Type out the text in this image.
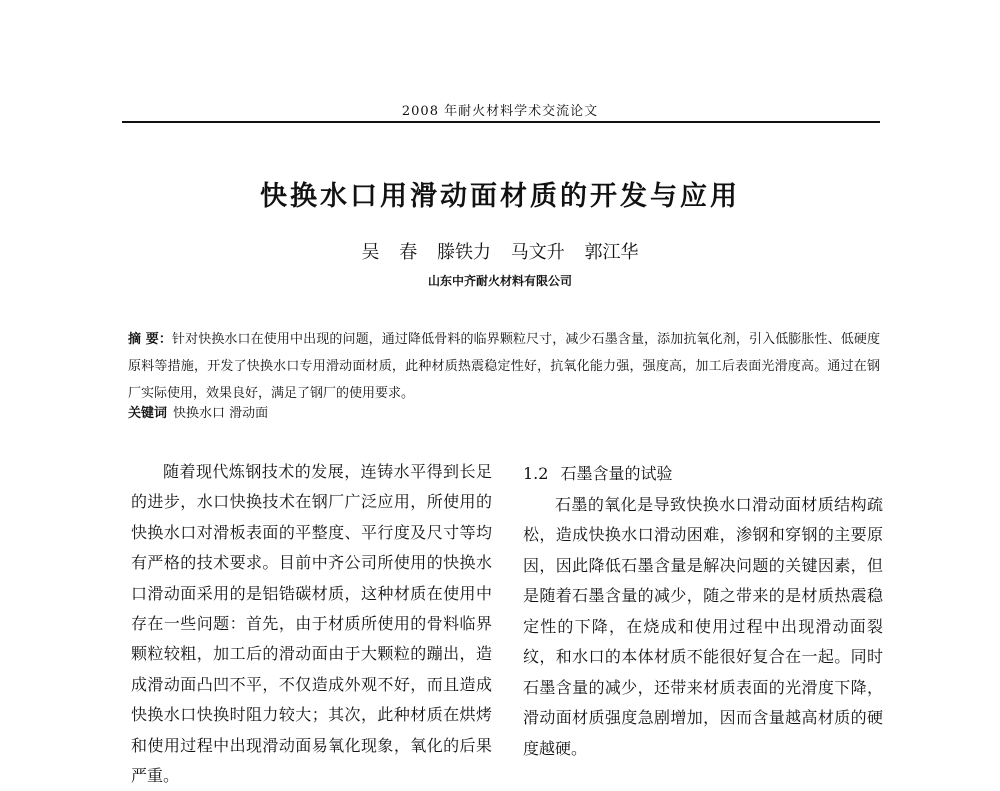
2008 年耐火材料学术交流论文
快换水口用滑动面材质的开发与应用
吴 春 滕铁力 马文升 郭江华
山东中齐耐火材料有限公司
摘 要：针对快换水口在使用中出现的问题，通过降低骨料的临界颗粒尺寸，减少石墨含量，添加抗氧化剂，引入低膨胀性、低硬度原料等措施，开发了快换水口专用滑动面材质，此种材质热震稳定性好，抗氧化能力强，强度高，加工后表面光滑度高。通过在钢厂实际使用，效果良好，满足了钢厂的使用要求。
关键词 快换水口 滑动面

随着现代炼钢技术的发展，连铸水平得到长足的进步，水口快换技术在钢厂广泛应用，所使用的快换水口对滑板表面的平整度、平行度及尺寸等均有严格的技术要求。目前中齐公司所使用的快换水口滑动面采用的是铝锆碳材质，这种材质在使用中存在一些问题：首先，由于材质所使用的骨料临界颗粒较粗，加工后的滑动面由于大颗粒的蹦出，造成滑动面凸凹不平，不仅造成外观不好，而且造成快换水口快换时阻力较大；其次，此种材质在烘烤和使用过程中出现滑动面易氧化现象，氧化的后果严重。

1.2 石墨含量的试验

石墨的氧化是导致快换水口滑动面材质结构疏松，造成快换水口滑动困难，渗钢和穿钢的主要原因，因此降低石墨含量是解决问题的关键因素，但是随着石墨含量的减少，随之带来的是材质热震稳定性的下降，在烧成和使用过程中出现滑动面裂纹，和水口的本体材质不能很好复合在一起。同时石墨含量的减少，还带来材质表面的光滑度下降，滑动面材质强度急剧增加，因而含量越高材质的硬度越硬。
